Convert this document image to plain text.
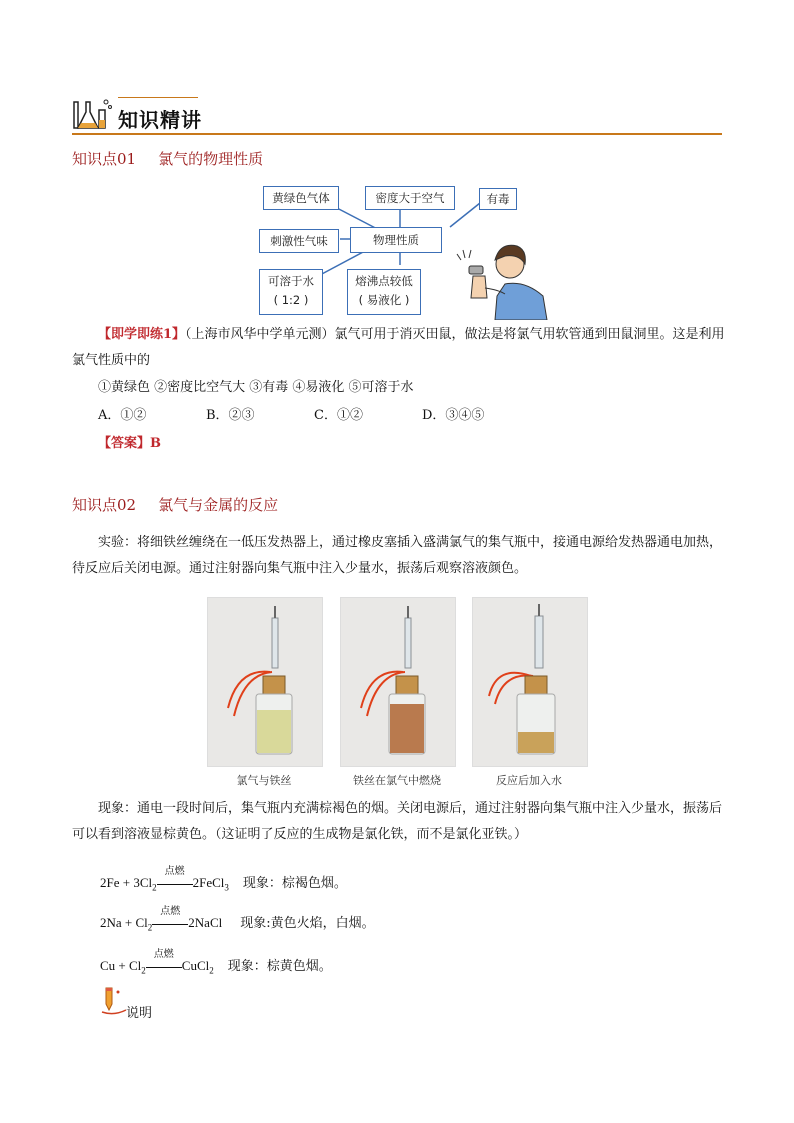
知识精讲
知识点01 氯气的物理性质
黄绿色气体	密度大于空气	有毒
刺激性气味	物理性质
可溶于水
( 1:2 )
熔沸点较低
( 易液化 )
【即学即练1】（上海市风华中学单元测）氯气可用于消灭田鼠，做法是将氯气用软管通到田鼠洞里。这是利用氯气性质中的
①黄绿色 ②密度比空气大 ③有毒 ④易液化 ⑤可溶于水
A．①②	B．②③	C．①②	D．③④⑤
【答案】B
知识点02 氯气与金属的反应
实验：将细铁丝缠绕在一低压发热器上，通过橡皮塞插入盛满氯气的集气瓶中，接通电源给发热器通电加热，待反应后关闭电源。通过注射器向集气瓶中注入少量水，振荡后观察溶液颜色。
氯气与铁丝	铁丝在氯气中燃烧	反应后加入水
现象：通电一段时间后，集气瓶内充满棕褐色的烟。关闭电源后，通过注射器向集气瓶中注入少量水，振荡后可以看到溶液显棕黄色。（这证明了反应的生成物是氯化铁，而不是氯化亚铁。）
$2Fe + 3Cl_2$
点燃
2FeCl$_3$ 现象：棕褐色烟。
$2Na + Cl_2$
点燃
2NaCl 现象:黄色火焰，白烟。
$Cu + Cl_2$
点燃
CuCl$_2$ 现象：棕黄色烟。
说明
